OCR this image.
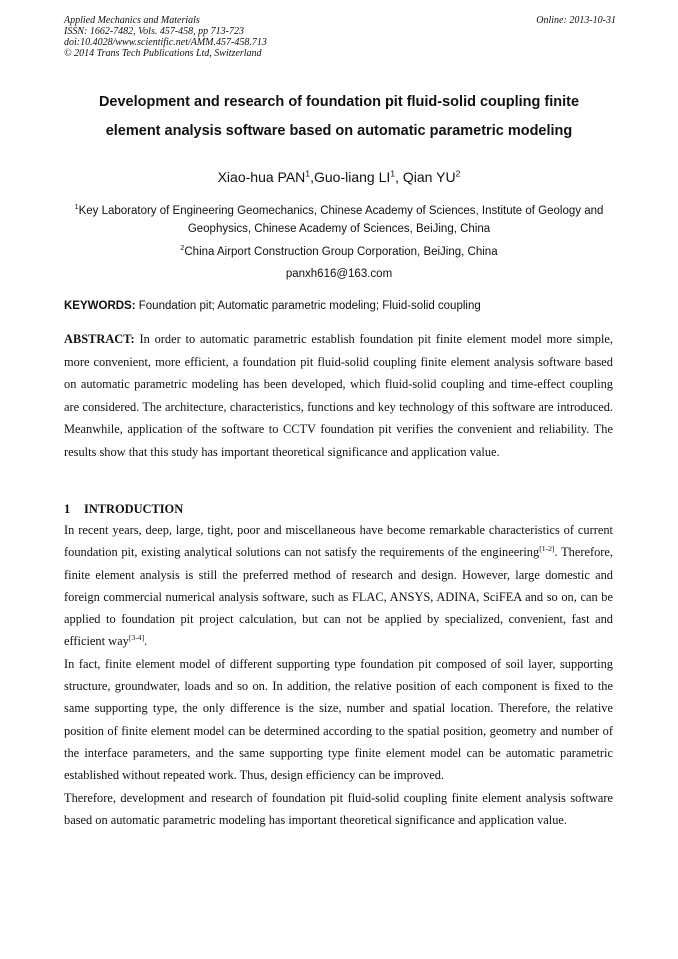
Applied Mechanics and Materials
ISSN: 1662-7482, Vols. 457-458, pp 713-723
doi:10.4028/www.scientific.net/AMM.457-458.713
© 2014 Trans Tech Publications Ltd, Switzerland
Online: 2013-10-31
Development and research of foundation pit fluid-solid coupling finite
element analysis software based on automatic parametric modeling
Xiao-hua PAN$^1$,Guo-liang $LI^1$, Qian $YU^2$
$^1$Key Laboratory of Engineering Geomechanics, Chinese Academy of Sciences, Institute of Geology and Geophysics, Chinese Academy of Sciences, BeiJing, China
$^2$China Airport Construction Group Corporation, BeiJing, China
panxh616@163.com
KEYWORDS: Foundation pit; Automatic parametric modeling; Fluid-solid coupling
ABSTRACT: In order to automatic parametric establish foundation pit finite element model more simple, more convenient, more efficient, a foundation pit fluid-solid coupling finite element analysis software based on automatic parametric modeling has been developed, which fluid-solid coupling and time-effect coupling are considered. The architecture, characteristics, functions and key technology of this software are introduced. Meanwhile, application of the software to CCTV foundation pit verifies the convenient and reliability. The results show that this study has important theoretical significance and application value.
1 INTRODUCTION

In recent years, deep, large, tight, poor and miscellaneous have become remarkable characteristics of current foundation pit, existing analytical solutions can not satisfy the requirements of the engineering[1-2]. Therefore, finite element analysis is still the preferred method of research and design. However, large domestic and foreign commercial numerical analysis software, such as FLAC, ANSYS, ADINA, SciFEA and so on, can be applied to foundation pit project calculation, but can not be applied by specialized, convenient, fast and efficient way[3-4].

In fact, finite element model of different supporting type foundation pit composed of soil layer, supporting structure, groundwater, loads and so on. In addition, the relative position of each component is fixed to the same supporting type, the only difference is the size, number and spatial location. Therefore, the relative position of finite element model can be determined according to the spatial position, geometry and number of the interface parameters, and the same supporting type finite element model can be automatic parametric established without repeated work. Thus, design efficiency can be improved.

Therefore, development and research of foundation pit fluid-solid coupling finite element analysis software based on automatic parametric modeling has important theoretical significance and application value.
